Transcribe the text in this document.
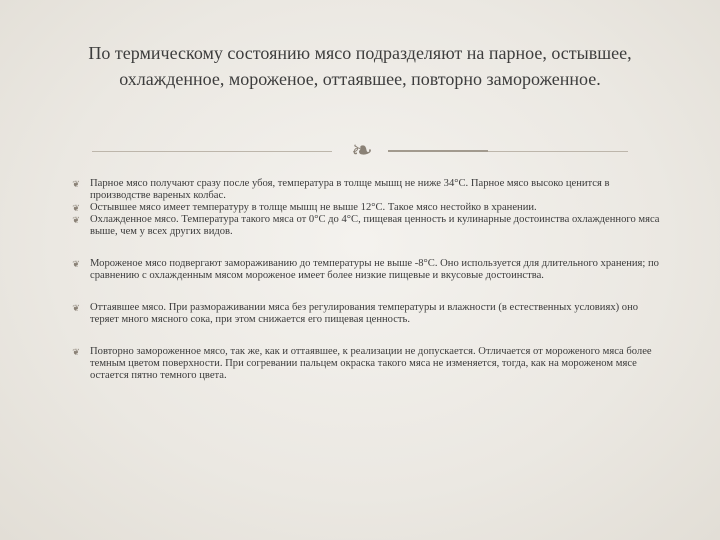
По термическому состоянию мясо подразделяют на парное, остывшее, охлажденное, мороженое, оттаявшее, повторно замороженное.
❧
❦ Парное мясо получают сразу после убоя, температура в толще мышц не ниже 34°С. Парное мясо высоко ценится в производстве вареных колбас.
❦ Остывшее мясо имеет температуру в толще мышц не выше 12°С. Такое мясо нестойко в хранении.
❦ Охлажденное мясо. Температура такого мяса от 0°С до 4°С, пищевая ценность и кулинарные достоинства охлажденного мяса выше, чем у всех других видов.
❦ Мороженое мясо подвергают замораживанию до температуры не выше -8°С. Оно используется для длительного хранения; по сравнению с охлажденным мясом мороженое имеет более низкие пищевые и вкусовые достоинства.
❦ Оттаявшее мясо. При размораживании мяса без регулирования температуры и влажности (в естественных условиях) оно теряет много мясного сока, при этом снижается его пищевая ценность.
❦ Повторно замороженное мясо, так же, как и оттаявшее, к реализации не допускается. Отличается от мороженого мяса более темным цветом поверхности. При согревании пальцем окраска такого мяса не изменяется, тогда, как на мороженом мясе остается пятно темного цвета.
